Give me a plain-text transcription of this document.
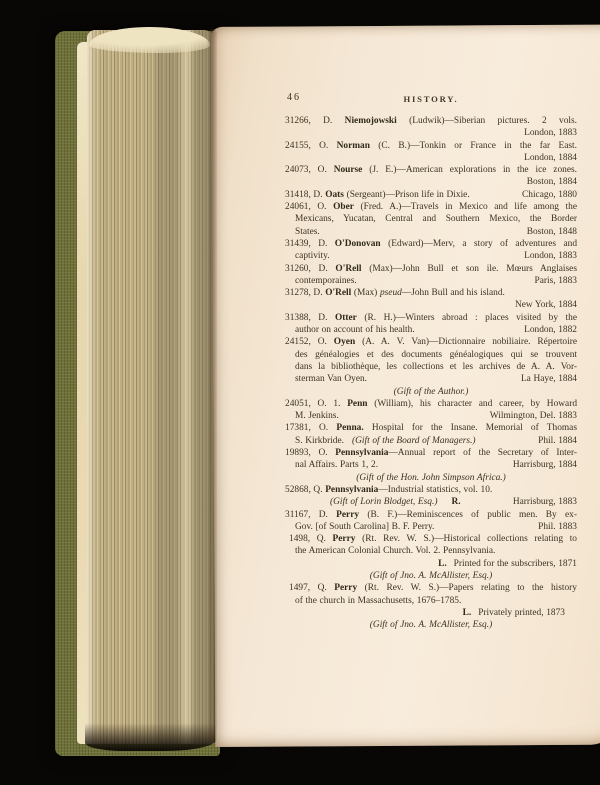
46	HISTORY.
31266, D. Niemojowski (Ludwik)—Siberian pictures. 2 vols.
London, 1883
24155, O. Norman (C. B.)—Tonkin or France in the far East.
London, 1884
24073, O. Nourse (J. E.)—American explorations in the ice zones.
Boston, 1884
31418, D. Oats (Sergeant)—Prison life in Dixie.	Chicago, 1880
24061, O. Ober (Fred. A.)—Travels in Mexico and life among the
Mexicans, Yucatan, Central and Southern Mexico, the Border
States.	Boston, 1848
31439, D. O'Donovan (Edward)—Merv, a story of adventures and
captivity.	London, 1883
31260, D. O'Rell (Max)—John Bull et son ile. Mœurs Anglaises
contemporaines.	Paris, 1883
31278, D. O'Rell (Max) pseud—John Bull and his island.
New York, 1884
31388, D. Otter (R. H.)—Winters abroad : places visited by the
author on account of his health.	London, 1882
24152, O. Oyen (A. A. V. Van)—Dictionnaire nobiliaire. Répertoire
des généalogies et des documents généalogiques qui se trouvent
dans la bibliothèque, les collections et les archives de A. A. Vor-
sterman Van Oyen.	La Haye, 1884
(Gift of the Author.)
24051, O. 1. Penn (William), his character and career, by Howard
M. Jenkins.	Wilmington, Del. 1883
17381, O. Penna. Hospital for the Insane. Memorial of Thomas
S. Kirkbride. (Gift of the Board of Managers.)	Phil. 1884
19893, O. Pennsylvania—Annual report of the Secretary of Inter-
nal Affairs. Parts 1, 2.	Harrisburg, 1884
(Gift of the Hon. John Simpson Africa.)
52868, Q. Pennsylvania—Industrial statistics, vol. 10.
(Gift of Lorin Blodget, Esq.) R.	Harrisburg, 1883
31167, D. Perry (B. F.)—Reminiscences of public men. By ex-
Gov. [of South Carolina] B. F. Perry.	Phil. 1883
1498, Q. Perry (Rt. Rev. W. S.)—Historical collections relating to
the American Colonial Church. Vol. 2. Pennsylvania.
L. Printed for the subscribers, 1871
(Gift of Jno. A. McAllister, Esq.)
1497, Q. Perry (Rt. Rev. W. S.)—Papers relating to the history
of the church in Massachusetts, 1676–1785.
L. Privately printed, 1873
(Gift of Jno. A. McAllister, Esq.)
